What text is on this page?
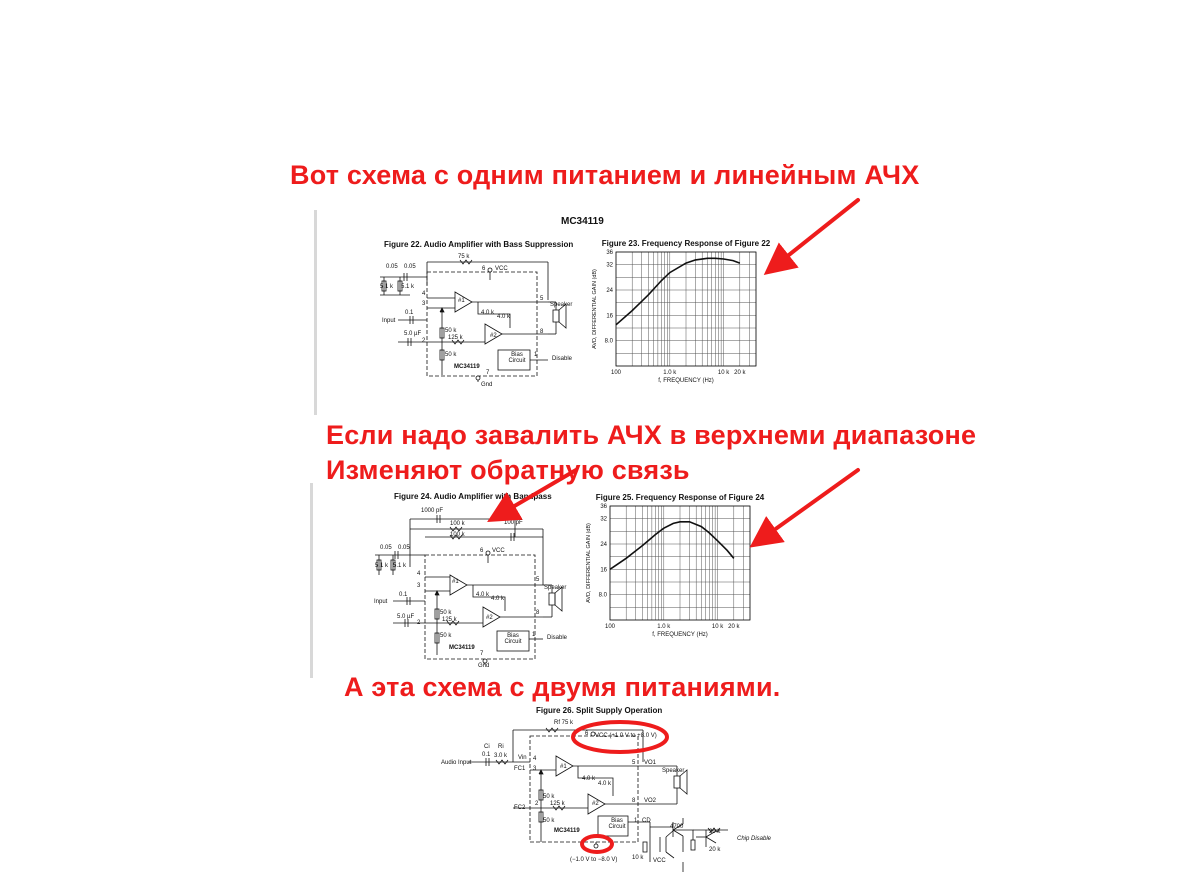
Вот схема с одним питанием и линейным АЧХ
Если надо завалить АЧХ в верхнеми диапазоне
Изменяют обратную связь
А эта схема с двумя питаниями.
MC34119
Figure 22. Audio Amplifier with Bass Suppression
75 k
0.05 0.05
5.1 k 5.1 k
6 VCC
4
3	#1	5
Speaker
4.0 k
4.0 k
0.1
Input
50 k
5.0 µF	#2
8
125 k
2
Bias Circuit
1
Disable
50 k
MC34119
7
Gnd
Figure 23. Frequency Response of Figure 22
8.0
16
24
32
36
100	1.0 k	10 k 20 k
f, FREQUENCY (Hz)
AVD, DIFFERENTIAL GAIN (dB)
Figure 24. Audio Amplifier with Bandpass
1000 pF
100 k	100 pF
100 k
0.05 0.05	6 VCC
5.1 k 5.1 k
4
3
#1	5
Speaker
4.0 k
0.1
Input	4.0 k
50 k
#2
8
5.0 µF	125 k
2
Bias Circuit
1 Disable
50 k
MC34119
7
Gnd
Figure 25. Frequency Response of Figure 24
8.0
16
24
32
36
100	1.0 k	10 k 20 k
f, FREQUENCY (Hz)
AVD, DIFFERENTIAL GAIN (dB)
Figure 26. Split Supply Operation
Rf 75 k
6 VCC (+1.0 V to +8.0 V)
Ci
0.1
Ri
3.0 k Vin 4
Audio Input
FC1 3	#1
5 VO1
Speaker
4.0 k
4.0 k
50 k
2 125 k	#2	8 VO2
FC2
50 k	Bias Circuit
1 CD
4700
20 k
Chip Disable
MC34119
20 k
10 k VCC
(−1.0 V to −8.0 V)
